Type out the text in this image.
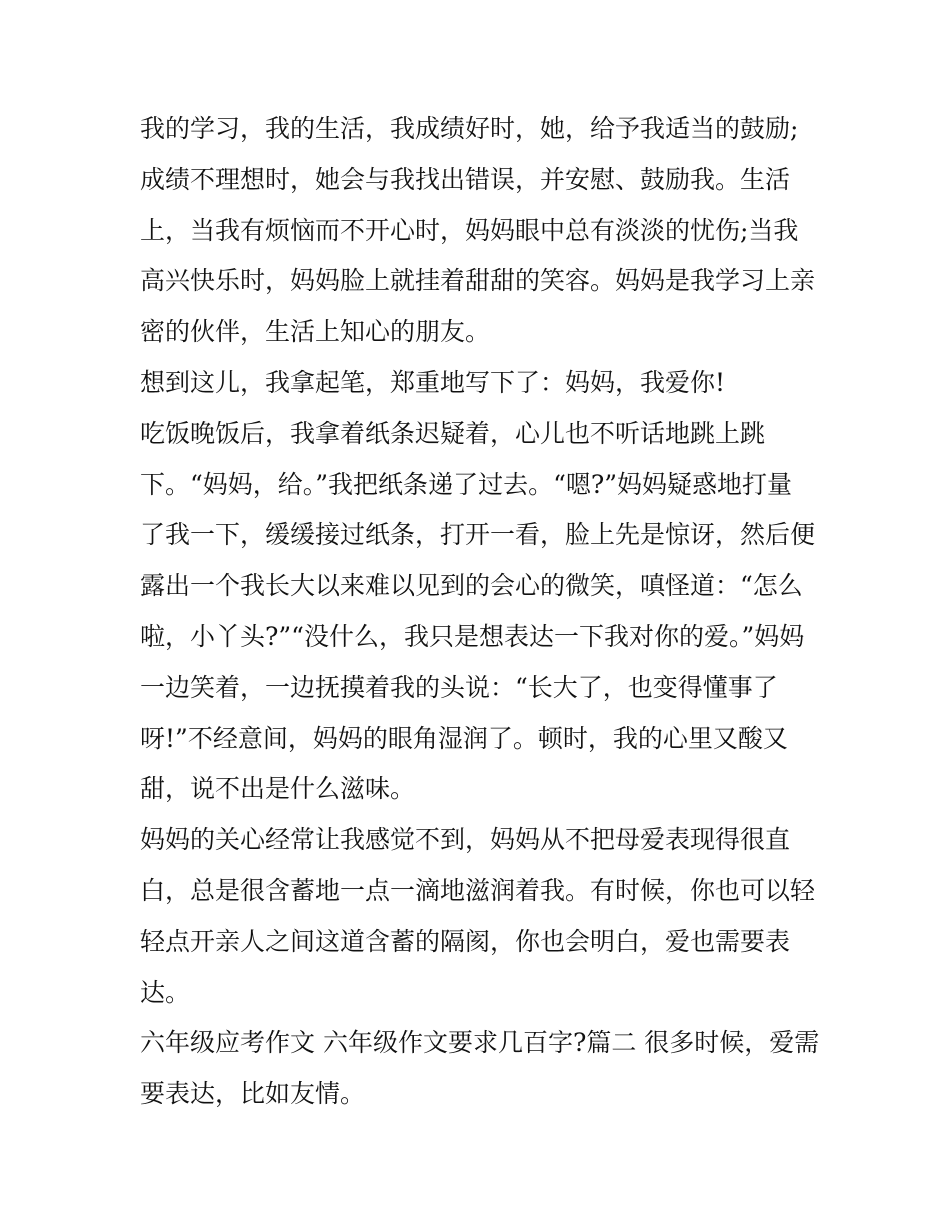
我的学习，我的生活，我成绩好时，她，给予我适当的鼓励;
成绩不理想时，她会与我找出错误，并安慰、鼓励我。生活
上，当我有烦恼而不开心时，妈妈眼中总有淡淡的忧伤;当我
高兴快乐时，妈妈脸上就挂着甜甜的笑容。妈妈是我学习上亲
密的伙伴，生活上知心的朋友。
想到这儿，我拿起笔，郑重地写下了：妈妈，我爱你!
吃饭晚饭后，我拿着纸条迟疑着，心儿也不听话地跳上跳
下。“妈妈，给。”我把纸条递了过去。“嗯?”妈妈疑惑地打量
了我一下，缓缓接过纸条，打开一看，脸上先是惊讶，然后便
露出一个我长大以来难以见到的会心的微笑，嗔怪道：“怎么
啦，小丫头?”“没什么，我只是想表达一下我对你的爱。”妈妈
一边笑着，一边抚摸着我的头说：“长大了，也变得懂事了
呀!”不经意间，妈妈的眼角湿润了。顿时，我的心里又酸又
甜，说不出是什么滋味。
妈妈的关心经常让我感觉不到，妈妈从不把母爱表现得很直
白，总是很含蓄地一点一滴地滋润着我。有时候，你也可以轻
轻点开亲人之间这道含蓄的隔阂，你也会明白，爱也需要表
达。
六年级应考作文 六年级作文要求几百字?篇二 很多时候，爱需
要表达，比如友情。
